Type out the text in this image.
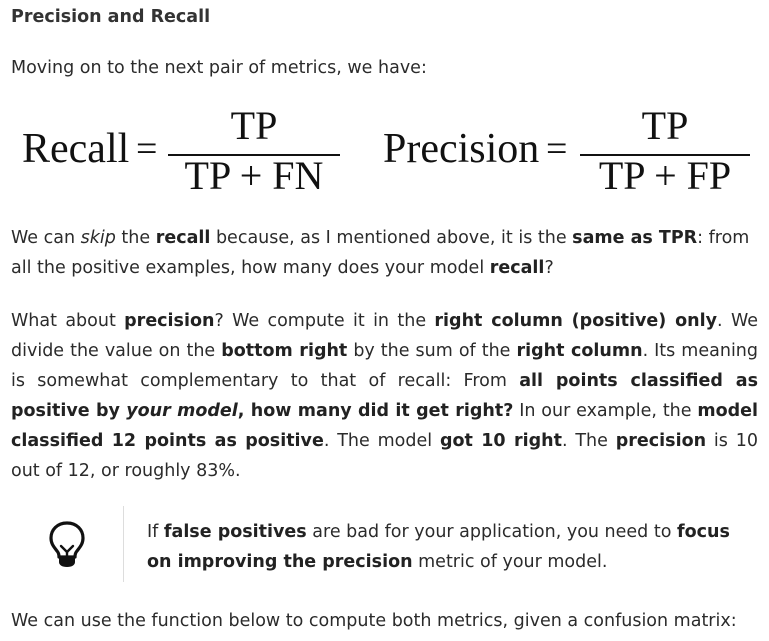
Precision and Recall
Moving on to the next pair of metrics, we have:
Recall =
TP
TP + FN
Precision =
TP
TP + FP
We can skip the recall because, as I mentioned above, it is the same as TPR: from all the positive examples, how many does your model recall?
What about precision? We compute it in the right column (positive) only. We divide the value on the bottom right by the sum of the right column. Its meaning is somewhat complementary to that of recall: From all points classified as positive by your model, how many did it get right? In our example, the model classified 12 points as positive. The model got 10 right. The precision is 10 out of 12, or roughly 83%.
If false positives are bad for your application, you need to focus on improving the precision metric of your model.
We can use the function below to compute both metrics, given a confusion matrix:
